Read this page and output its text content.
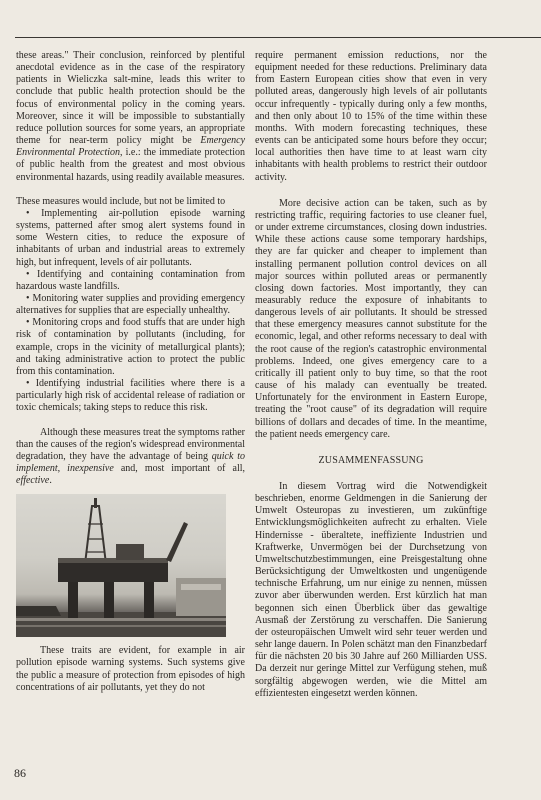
these areas." Their conclusion, reinforced by plentiful anecdotal evidence as in the case of the respiratory patients in Wieliczka salt-mine, leads this writer to conclude that public health protection should be the focus of environmental policy in the coming years. Moreover, since it will be impossible to substantially reduce pollution sources for some years, an appropriate theme for near-term policy might be Emergency Environmental Protection, i.e.: the immediate protection of public health from the greatest and most obvious environmental hazards, using readily available measures.

These measures would include, but not be limited to

• Implementing air-pollution episode warning systems, patterned after smog alert systems found in some Western cities, to reduce the exposure of inhabitants of urban and industrial areas to extremely high, but infrequent, levels of air pollutants.

• Identifying and containing contamination from hazardous waste landfills.

• Monitoring water supplies and providing emergency alternatives for supplies that are especially unhealthy.

• Monitoring crops and food stuffs that are under high risk of contamination by pollutants (including, for example, crops in the vicinity of metallurgical plants); and taking administrative action to protect the public from this contamination.

• Identifying industrial facilities where there is a particularly high risk of accidental release of radiation or toxic chemicals; taking steps to reduce this risk.

Although these measures treat the symptoms rather than the causes of the region's widespread environmental degradation, they have the advantage of being quick to implement, inexpensive and, most important of all, effective.

These traits are evident, for example in air pollution episode warning systems. Such systems give the public a measure of protection from episodes of high concentrations of air pollutants, yet they do not

require permanent emission reductions, nor the equipment needed for these reductions. Preliminary data from Eastern European cities show that even in very polluted areas, dangerously high levels of air pollutants occur infrequently - typically during only a few months, and then only about 10 to 15% of the time within these months. With modern forecasting techniques, these events can be anticipated some hours before they occur; local authorities then have time to at least warn city inhabitants with health problems to restrict their outdoor activity.

More decisive action can be taken, such as by restricting traffic, requiring factories to use cleaner fuel, or under extreme circumstances, closing down industries. While these actions cause some temporary hardships, they are far quicker and cheaper to implement than installing permanent pollution control devices on all major sources within polluted areas or permanently closing down factories. Most importantly, they can measurably reduce the exposure of inhabitants to dangerous levels of air pollutants. It should be stressed that these emergency measures cannot substitute for the economic, legal, and other reforms necessary to deal with the root cause of the region's catastrophic environmental problems. Indeed, one gives emergency care to a critically ill patient only to buy time, so that the root cause of his malady can eventually be treated. Unfortunately for the environment in Eastern Europe, treating the "root cause" of its degradation will require billions of dollars and decades of time. In the meantime, the patient needs emergency care.

ZUSAMMENFASSUNG

In diesem Vortrag wird die Notwendigkeit beschrieben, enorme Geldmengen in die Sanierung der Umwelt Osteuropas zu investieren, um zukünftige Entwicklungsmöglichkeiten aufrecht zu erhalten. Viele Hindernisse - überaltete, ineffiziente Industrien und Kraftwerke, Unvermögen bei der Durchsetzung von Umweltschutzbestimmungen, eine Preisgestaltung ohne Berücksichtigung der Umweltkosten und ungenügende technische Erfahrung, um nur einige zu nennen, müssen zuvor aber überwunden werden. Erst kürzlich hat man begonnen sich einen Überblick über das gewaltige Ausmaß der Zerstörung zu verschaffen. Die Sanierung der osteuropäischen Umwelt wird sehr teuer werden und sehr lange dauern. In Polen schätzt man den Finanzbedarf für die nächsten 20 bis 30 Jahre auf 260 Milliarden USS. Da derzeit nur geringe Mittel zur Verfügung stehen, muß sorgfältig abgewogen werden, wie die Mittel am effizientesten eingesetzt werden können.

86
